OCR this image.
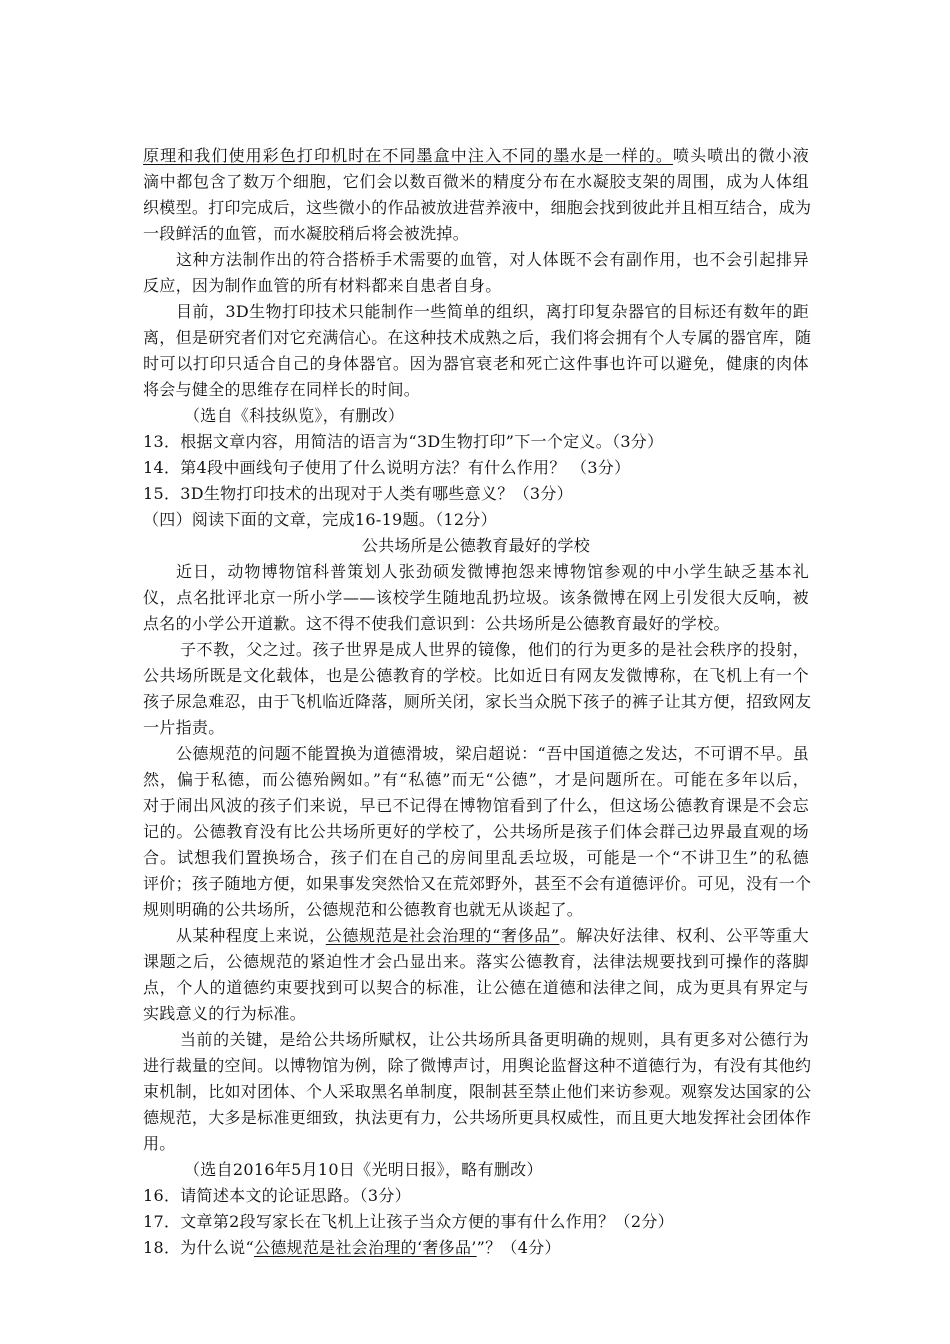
原理和我们使用彩色打印机时在不同墨盒中注入不同的墨水是一样的。喷头喷出的微小液
滴中都包含了数万个细胞，它们会以数百微米的精度分布在水凝胶支架的周围，成为人体组
织模型。打印完成后，这些微小的作品被放进营养液中，细胞会找到彼此并且相互结合，成为
一段鲜活的血管，而水凝胶稍后将会被洗掉。
这种方法制作出的符合搭桥手术需要的血管，对人体既不会有副作用，也不会引起排异
反应，因为制作血管的所有材料都来自患者自身。
目前，3D生物打印技术只能制作一些简单的组织，离打印复杂器官的目标还有数年的距
离，但是研究者们对它充满信心。在这种技术成熟之后，我们将会拥有个人专属的器官库，随
时可以打印只适合自己的身体器官。因为器官衰老和死亡这件事也许可以避免，健康的肉体
将会与健全的思维存在同样长的时间。
（选自《科技纵览》，有删改）
13．根据文章内容，用简洁的语言为“3D生物打印”下一个定义。（3分）
14．第4段中画线句子使用了什么说明方法？有什么作用？ （3分）
15．3D生物打印技术的出现对于人类有哪些意义？（3分）
（四）阅读下面的文章，完成16-19题。（12分）
公共场所是公德教育最好的学校
近日，动物博物馆科普策划人张劲硕发微博抱怨来博物馆参观的中小学生缺乏基本礼
仪，点名批评北京一所小学——该校学生随地乱扔垃圾。该条微博在网上引发很大反响，被
点名的小学公开道歉。这不得不使我们意识到：公共场所是公德教育最好的学校。
子不教，父之过。孩子世界是成人世界的镜像，他们的行为更多的是社会秩序的投射，
公共场所既是文化载体，也是公德教育的学校。比如近日有网友发微博称，在飞机上有一个
孩子尿急难忍，由于飞机临近降落，厕所关闭，家长当众脱下孩子的裤子让其方便，招致网友
一片指责。
公德规范的问题不能置换为道德滑坡，梁启超说：“吾中国道德之发达，不可谓不早。虽
然，偏于私德，而公德殆阙如。”有“私德”而无“公德”，才是问题所在。可能在多年以后，
对于闹出风波的孩子们来说，早已不记得在博物馆看到了什么，但这场公德教育课是不会忘
记的。公德教育没有比公共场所更好的学校了，公共场所是孩子们体会群己边界最直观的场
合。试想我们置换场合，孩子们在自己的房间里乱丢垃圾，可能是一个“不讲卫生”的私德
评价；孩子随地方便，如果事发突然恰又在荒郊野外，甚至不会有道德评价。可见，没有一个
规则明确的公共场所，公德规范和公德教育也就无从谈起了。
从某种程度上来说，公德规范是社会治理的“奢侈品”。解决好法律、权利、公平等重大
课题之后，公德规范的紧迫性才会凸显出来。落实公德教育，法律法规要找到可操作的落脚
点，个人的道德约束要找到可以契合的标准，让公德在道德和法律之间，成为更具有界定与
实践意义的行为标准。
当前的关键，是给公共场所赋权，让公共场所具备更明确的规则，具有更多对公德行为
进行裁量的空间。以博物馆为例，除了微博声讨，用舆论监督这种不道德行为，有没有其他约
束机制，比如对团体、个人采取黑名单制度，限制甚至禁止他们来访参观。观察发达国家的公
德规范，大多是标准更细致，执法更有力，公共场所更具权威性，而且更大地发挥社会团体作
用。
（选自2016年5月10日《光明日报》，略有删改）
16．请简述本文的论证思路。（3分）
17．文章第2段写家长在飞机上让孩子当众方便的事有什么作用？（2分）
18．为什么说“公德规范是社会治理的‘奢侈品’”？（4分）
